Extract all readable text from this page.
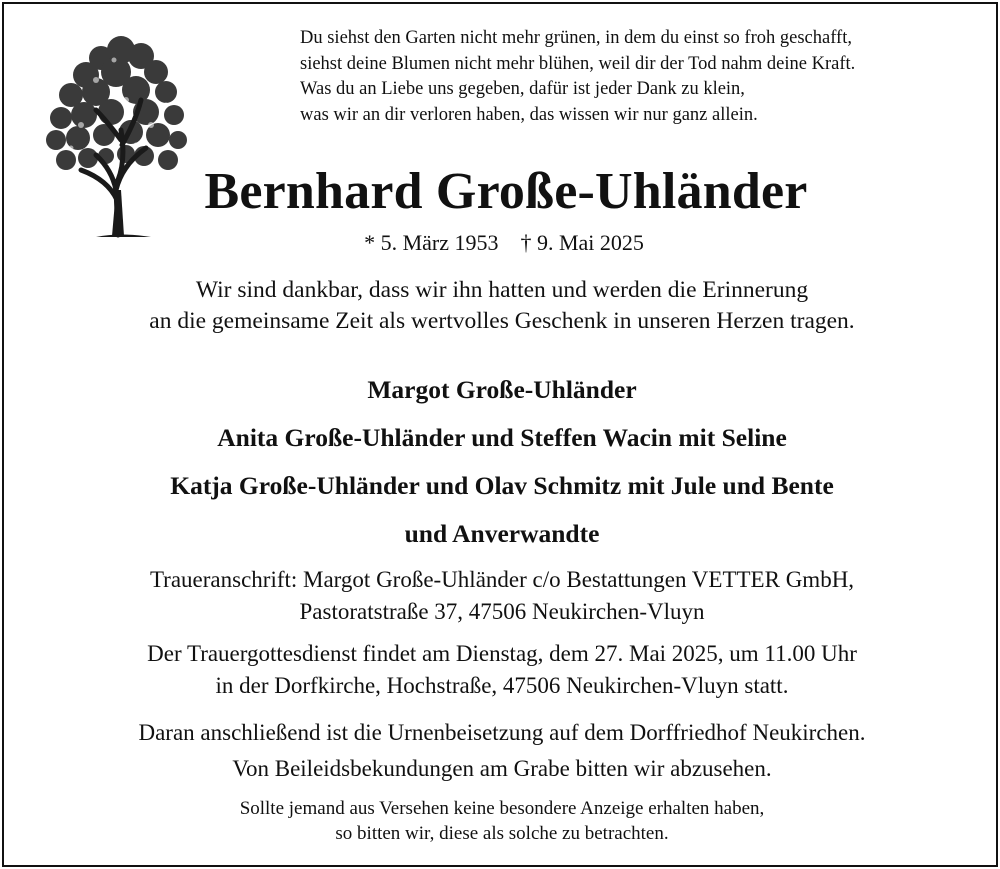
Du siehst den Garten nicht mehr grünen, in dem du einst so froh geschafft,
siehst deine Blumen nicht mehr blühen, weil dir der Tod nahm deine Kraft.
Was du an Liebe uns gegeben, dafür ist jeder Dank zu klein,
was wir an dir verloren haben, das wissen wir nur ganz allein.
Bernhard Große-Uhländer
* 5. März 1953 † 9. Mai 2025
Wir sind dankbar, dass wir ihn hatten und werden die Erinnerung
an die gemeinsame Zeit als wertvolles Geschenk in unseren Herzen tragen.
Margot Große-Uhländer
Anita Große-Uhländer und Steffen Wacin mit Seline
Katja Große-Uhländer und Olav Schmitz mit Jule und Bente
und Anverwandte
Traueranschrift: Margot Große-Uhländer c/o Bestattungen VETTER GmbH,
Pastoratstraße 37, 47506 Neukirchen-Vluyn
Der Trauergottesdienst findet am Dienstag, dem 27. Mai 2025, um 11.00 Uhr
in der Dorfkirche, Hochstraße, 47506 Neukirchen-Vluyn statt.
Daran anschließend ist die Urnenbeisetzung auf dem Dorffriedhof Neukirchen.
Von Beileidsbekundungen am Grabe bitten wir abzusehen.
Sollte jemand aus Versehen keine besondere Anzeige erhalten haben,
so bitten wir, diese als solche zu betrachten.
